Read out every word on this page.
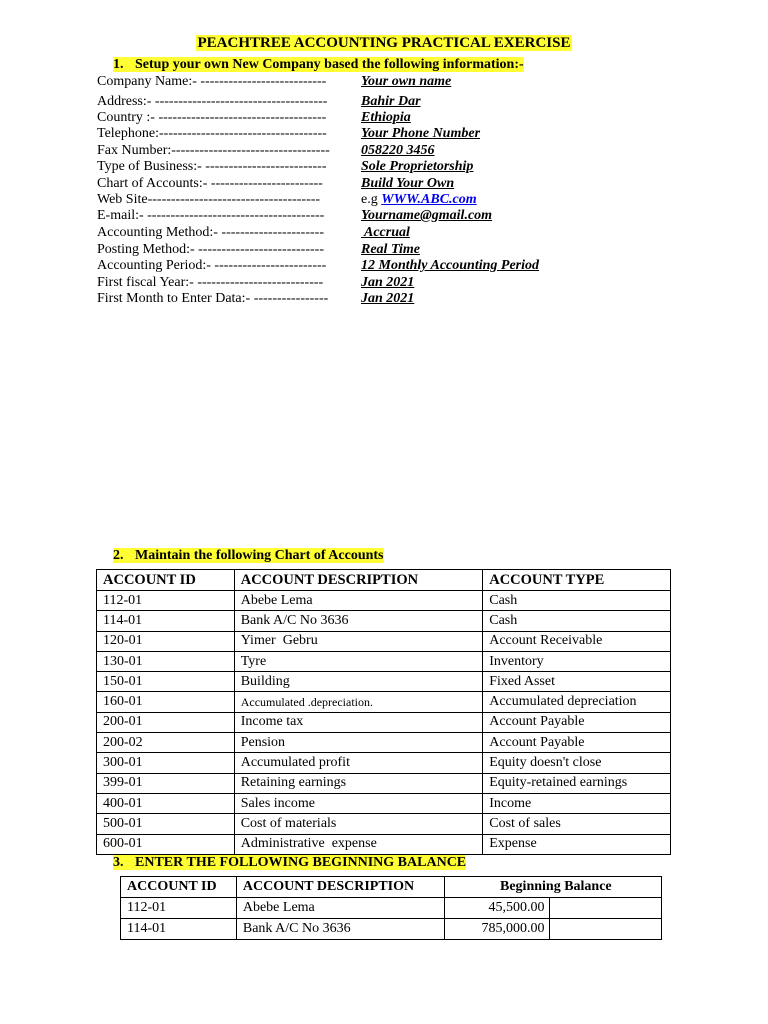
PEACHTREE ACCOUNTING PRACTICAL EXERCISE
1. Setup your own New Company based the following information:-
Company Name:- --------------------------- Your own name
Address:- ------------------------------------- Bahir Dar
Country :- ------------------------------------ Ethiopia
Telephone:------------------------------------ Your Phone Number
Fax Number:---------------------------------- 058220 3456
Type of Business:- -------------------------- Sole Proprietorship
Chart of Accounts:- ------------------------	Build Your Own
Web Site-------------------------------------	e.g WWW.ABC.com
E-mail:- --------------------------------------	Yourname@gmail.com
Accounting Method:- ----------------------	Accrual
Posting Method:- ---------------------------	Real Time
Accounting Period:- ------------------------ 12 Monthly Accounting Period
First fiscal Year:- ---------------------------	Jan 2021
First Month to Enter Data:- ---------------- Jan 2021
2. Maintain the following Chart of Accounts
ACCOUNT ID	ACCOUNT DESCRIPTION	ACCOUNT TYPE
112-01	Abebe Lema	Cash
114-01	Bank A/C No 3636	Cash
120-01	Yimer  Gebru	Account Receivable
130-01	Tyre	Inventory
150-01	Building	Fixed Asset
160-01	Accumulated .depreciation.	Accumulated depreciation
200-01	Income tax	Account Payable
200-02	Pension	Account Payable
300-01	Accumulated profit	Equity doesn't close
399-01	Retaining earnings	Equity-retained earnings
400-01	Sales income	Income
500-01	Cost of materials	Cost of sales
600-01	Administrative  expense	Expense
3. ENTER THE FOLLOWING BEGINNING BALANCE
ACCOUNT ID	ACCOUNT DESCRIPTION	Beginning Balance	
112-01	Abebe Lema	45,500.00	
114-01	Bank A/C No 3636	785,000.00	
